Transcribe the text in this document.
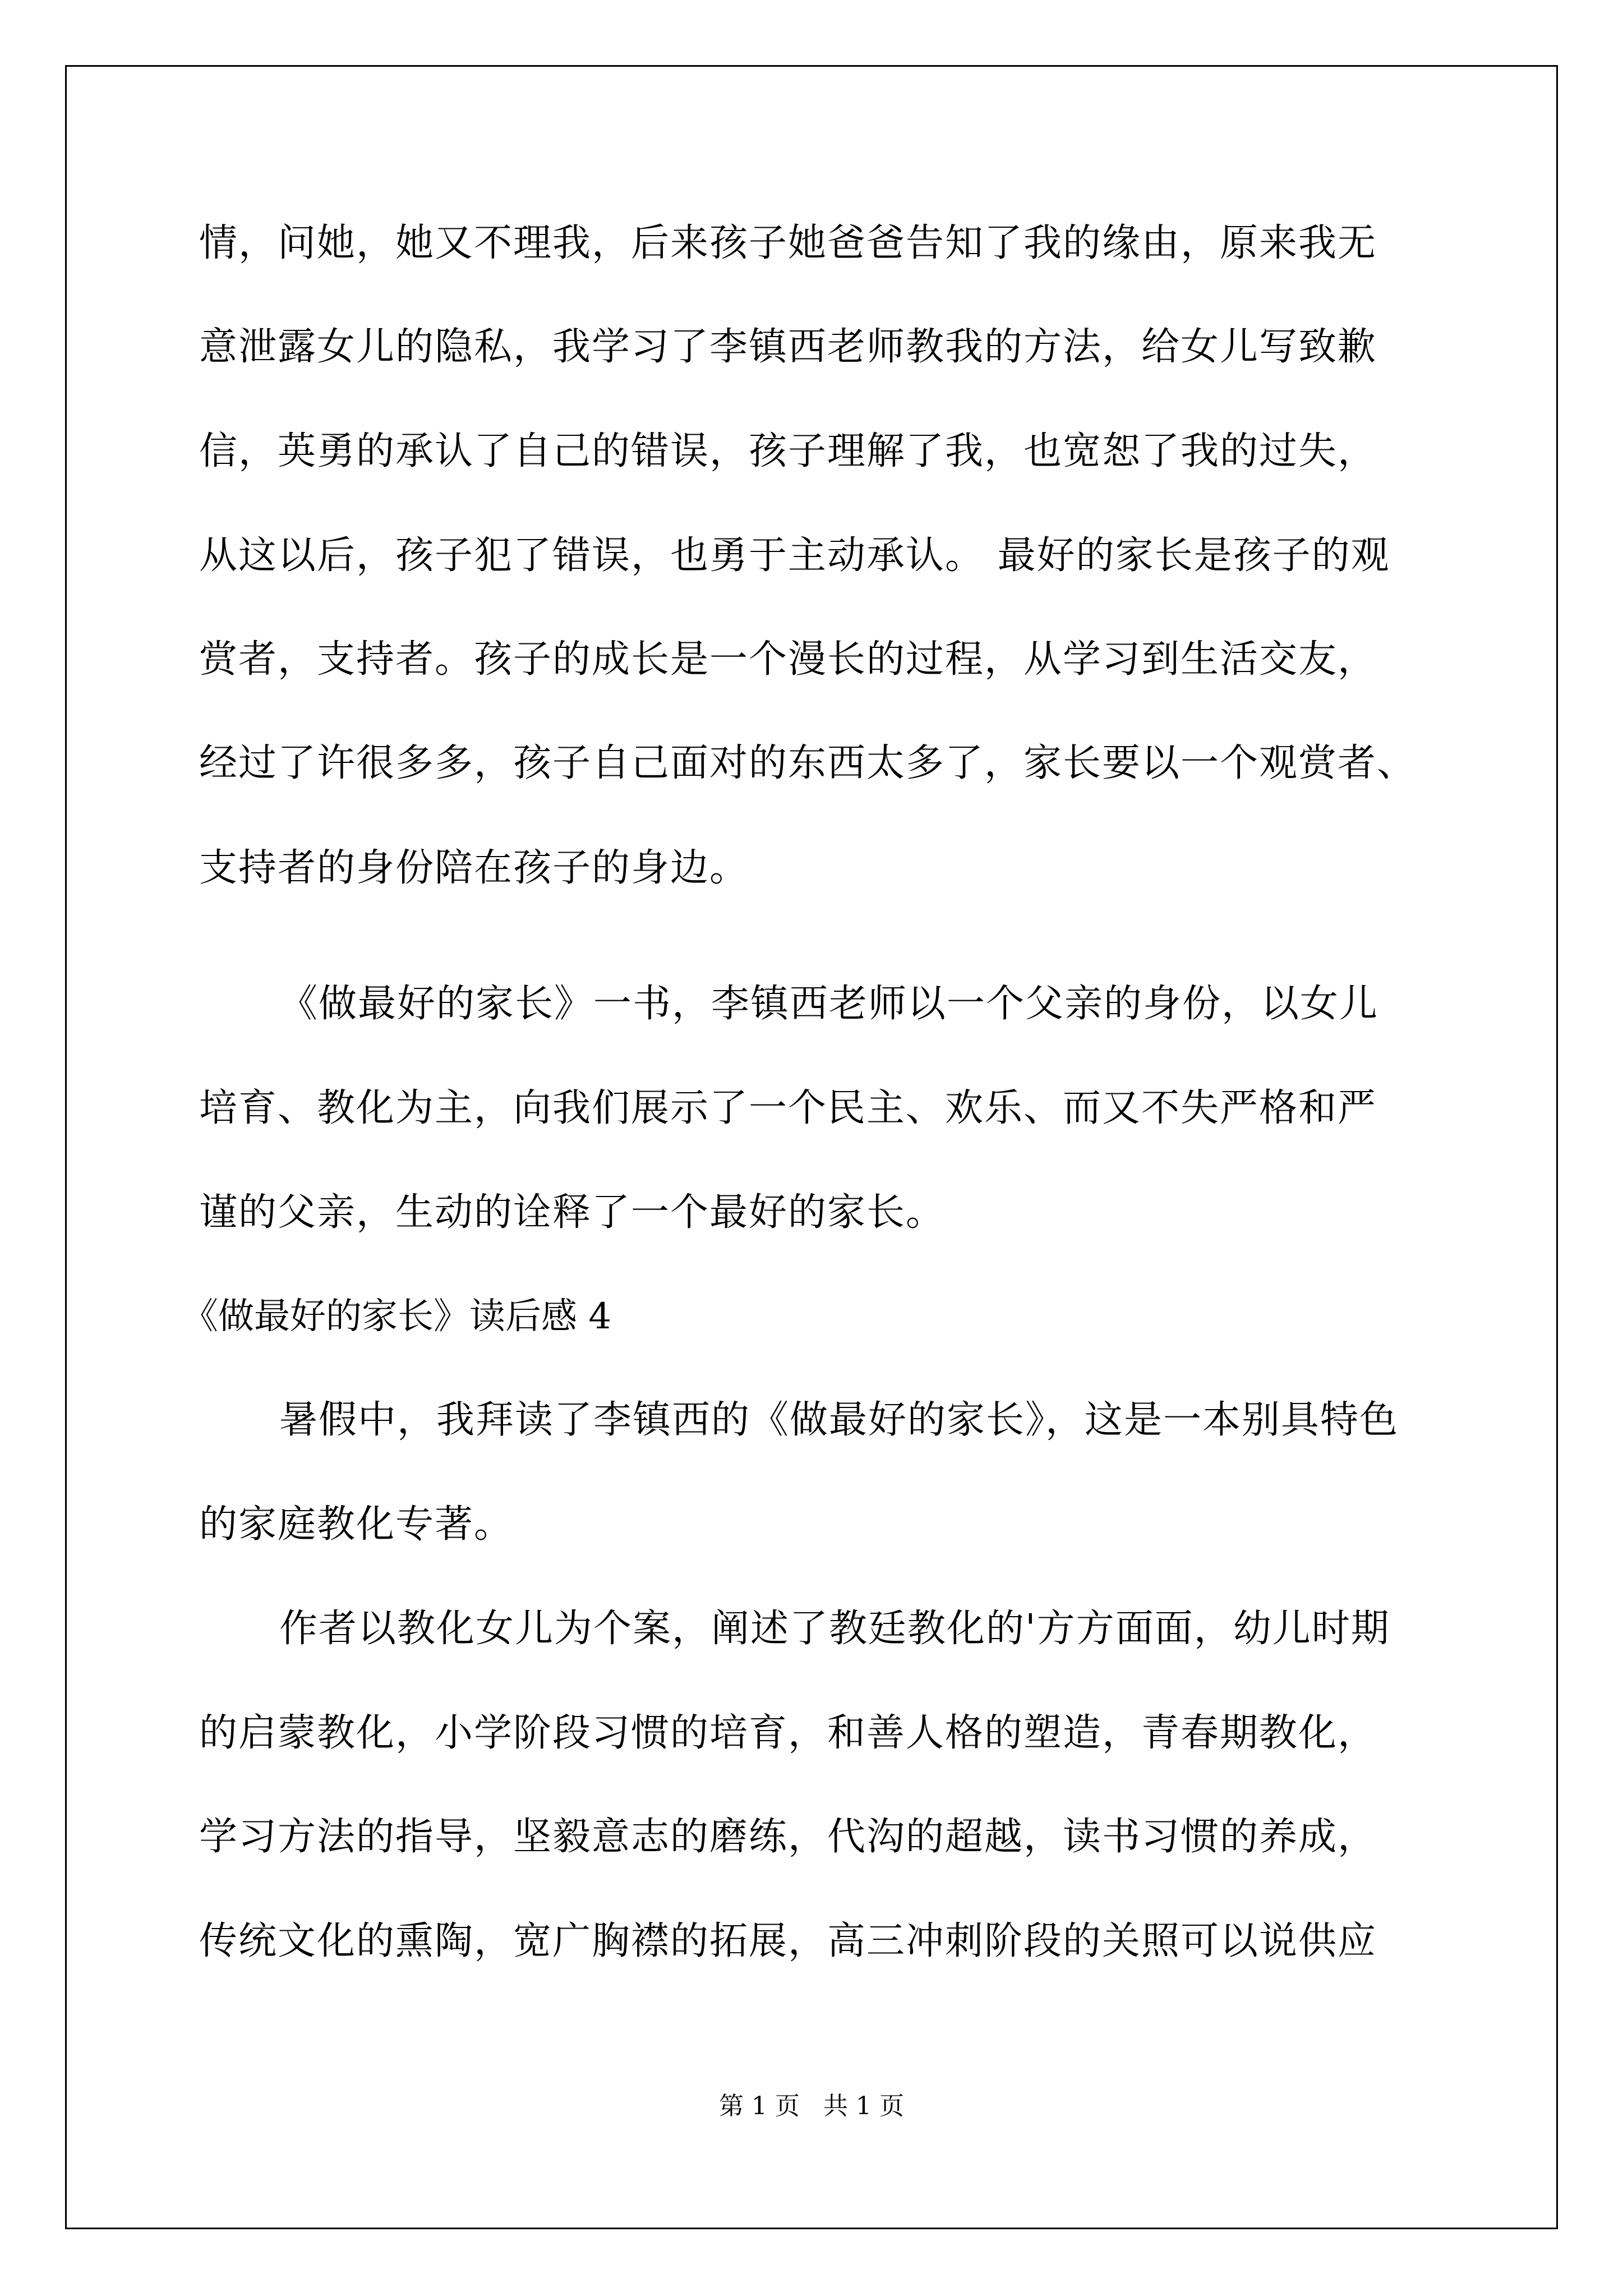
情，问她，她又不理我，后来孩子她爸爸告知了我的缘由，原来我无
意泄露女儿的隐私，我学习了李镇西老师教我的方法，给女儿写致歉
信，英勇的承认了自己的错误，孩子理解了我，也宽恕了我的过失，
从这以后，孩子犯了错误，也勇于主动承认。 最好的家长是孩子的观
赏者，支持者。孩子的成长是一个漫长的过程，从学习到生活交友，
经过了许很多多，孩子自己面对的东西太多了，家长要以一个观赏者、
支持者的身份陪在孩子的身边。
《做最好的家长》一书，李镇西老师以一个父亲的身份，以女儿
培育、教化为主，向我们展示了一个民主、欢乐、而又不失严格和严
谨的父亲，生动的诠释了一个最好的家长。
《做最好的家长》读后感 4
暑假中，我拜读了李镇西的《做最好的家长》，这是一本别具特色
的家庭教化专著。
作者以教化女儿为个案，阐述了教廷教化的'方方面面，幼儿时期
的启蒙教化，小学阶段习惯的培育，和善人格的塑造，青春期教化，
学习方法的指导，坚毅意志的磨练，代沟的超越，读书习惯的养成，
传统文化的熏陶，宽广胸襟的拓展，高三冲刺阶段的关照可以说供应
第 1 页 共 1 页
